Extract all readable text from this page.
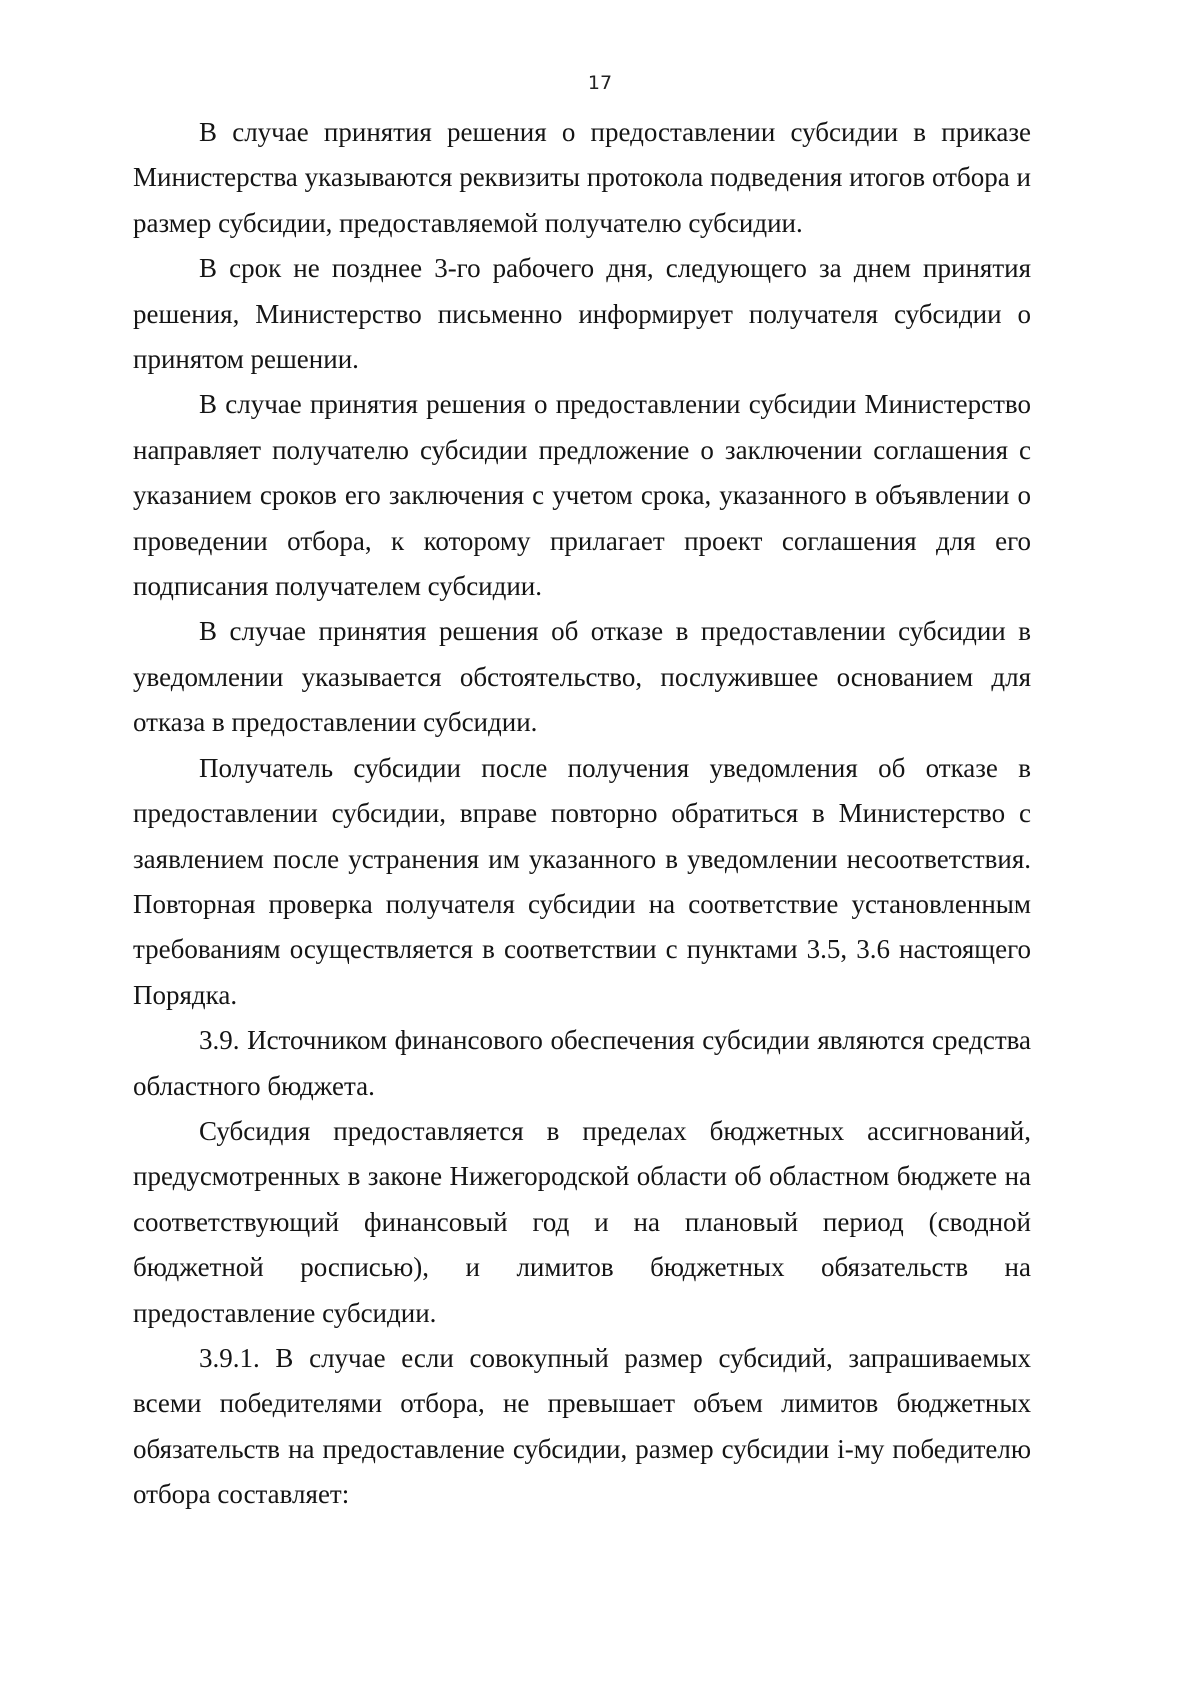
17

В случае принятия решения о предоставлении субсидии в приказе Министерства указываются реквизиты протокола подведения итогов отбора и размер субсидии, предоставляемой получателю субсидии.

В срок не позднее 3-го рабочего дня, следующего за днем принятия решения, Министерство письменно информирует получателя субсидии о принятом решении.

В случае принятия решения о предоставлении субсидии Министерство направляет получателю субсидии предложение о заключении соглашения с указанием сроков его заключения с учетом срока, указанного в объявлении о проведении отбора, к которому прилагает проект соглашения для его подписания получателем субсидии.

В случае принятия решения об отказе в предоставлении субсидии в уведомлении указывается обстоятельство, послужившее основанием для отказа в предоставлении субсидии.

Получатель субсидии после получения уведомления об отказе в предоставлении субсидии, вправе повторно обратиться в Министерство с заявлением после устранения им указанного в уведомлении несоответствия. Повторная проверка получателя субсидии на соответствие установленным требованиям осуществляется в соответствии с пунктами 3.5, 3.6 настоящего Порядка.

3.9. Источником финансового обеспечения субсидии являются средства областного бюджета.

Субсидия предоставляется в пределах бюджетных ассигнований, предусмотренных в законе Нижегородской области об областном бюджете на соответствующий финансовый год и на плановый период (сводной бюджетной росписью), и лимитов бюджетных обязательств на предоставление субсидии.

3.9.1. В случае если совокупный размер субсидий, запрашиваемых всеми победителями отбора, не превышает объем лимитов бюджетных обязательств на предоставление субсидии, размер субсидии i-му победителю отбора составляет:
